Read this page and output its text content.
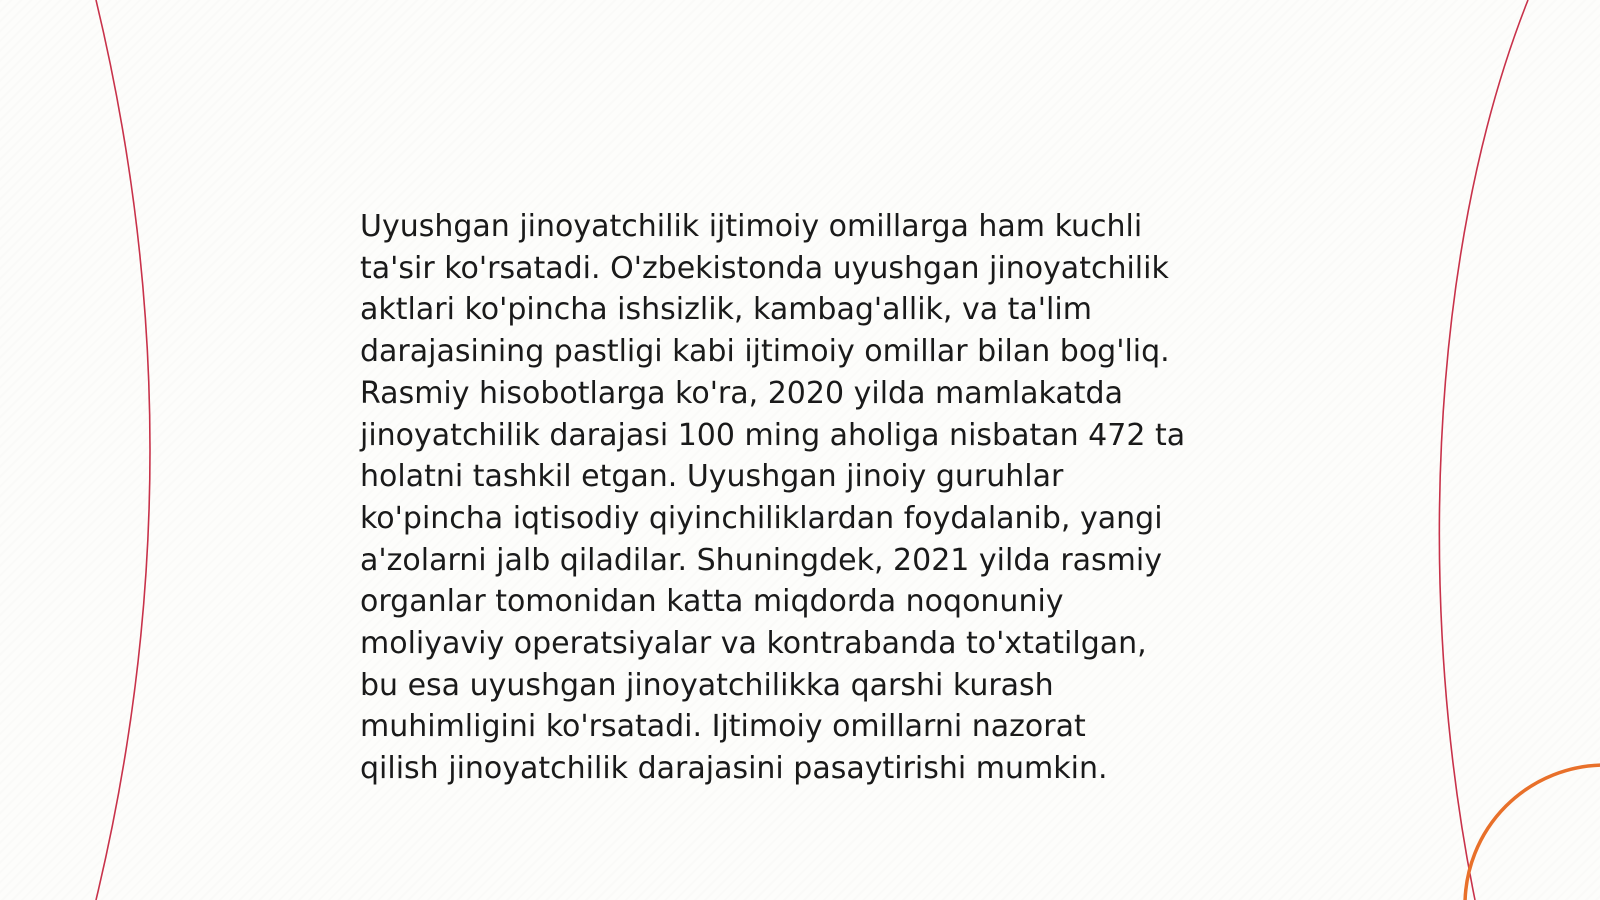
Uyushgan jinoyatchilik ijtimoiy omillarga ham kuchli
ta'sir ko'rsatadi. O'zbekistonda uyushgan jinoyatchilik
aktlari ko'pincha ishsizlik, kambag'allik, va ta'lim
darajasining pastligi kabi ijtimoiy omillar bilan bog'liq.
Rasmiy hisobotlarga ko'ra, 2020 yilda mamlakatda
jinoyatchilik darajasi 100 ming aholiga nisbatan 472 ta
holatni tashkil etgan. Uyushgan jinoiy guruhlar
ko'pincha iqtisodiy qiyinchiliklardan foydalanib, yangi
a'zolarni jalb qiladilar. Shuningdek, 2021 yilda rasmiy
organlar tomonidan katta miqdorda noqonuniy
moliyaviy operatsiyalar va kontrabanda to'xtatilgan,
bu esa uyushgan jinoyatchilikka qarshi kurash
muhimligini ko'rsatadi. Ijtimoiy omillarni nazorat
qilish jinoyatchilik darajasini pasaytirishi mumkin.
